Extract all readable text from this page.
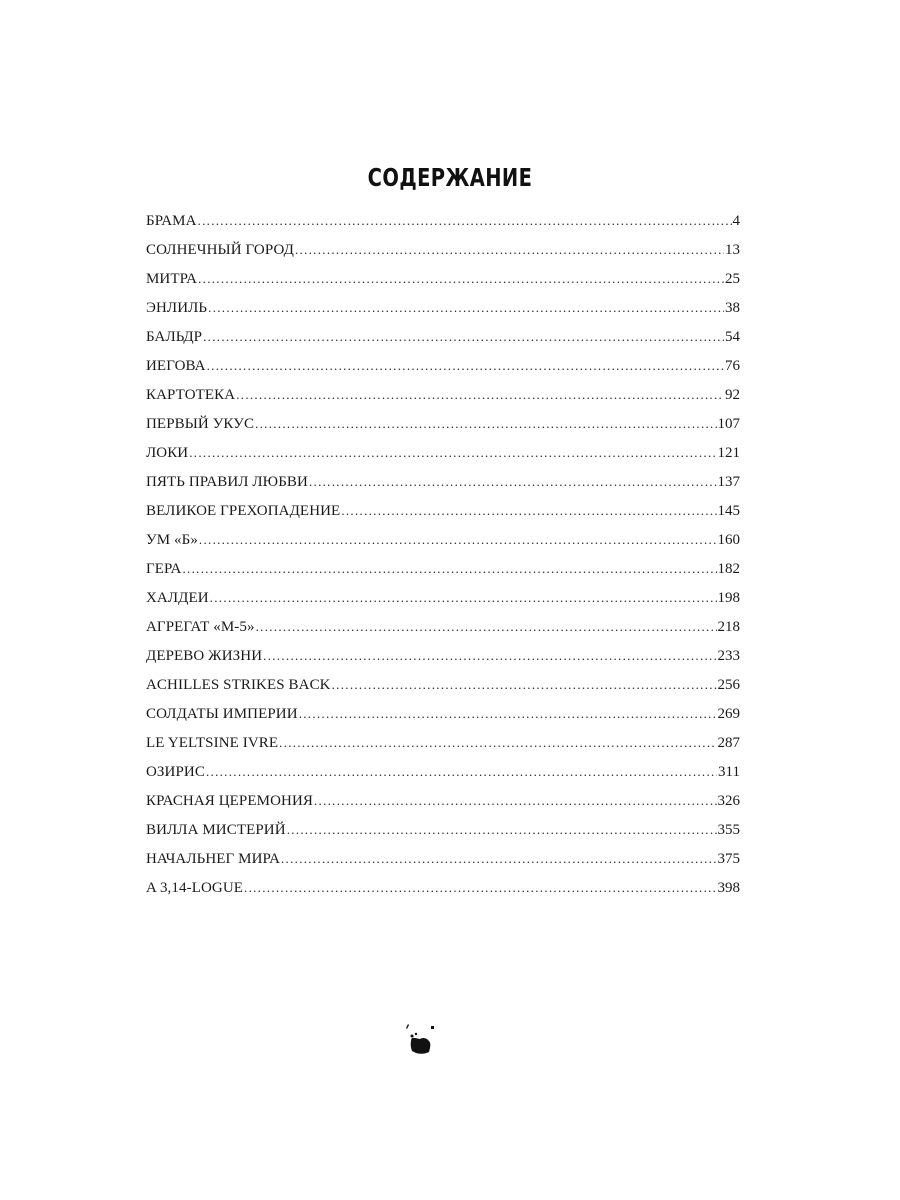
СОДЕРЖАНИЕ
БРАМА .....	4
СОЛНЕЧНЫЙ ГОРОД .....	13
МИТРА .....	25
ЭНЛИЛЬ .....	38
БАЛЬДР .....	54
ИЕГОВА .....	76
КАРТОТЕКА .....	92
ПЕРВЫЙ УКУС .....	107
ЛОКИ .....	121
ПЯТЬ ПРАВИЛ ЛЮБВИ .....	137
ВЕЛИКОЕ ГРЕХОПАДЕНИЕ .....	145
УМ «Б» .....	160
ГЕРА .....	182
ХАЛДЕИ .....	198
АГРЕГАТ «М-5» .....	218
ДЕРЕВО ЖИЗНИ .....	233
ACHILLES STRIKES BACK .....	256
СОЛДАТЫ ИМПЕРИИ .....	269
LE YELTSINE IVRE .....	287
ОЗИРИС .....	311
КРАСНАЯ ЦЕРЕМОНИЯ .....	326
ВИЛЛА МИСТЕРИЙ .....	355
НАЧАЛЬНЕГ МИРА .....	375
A 3,14-LOGUE .....	398
